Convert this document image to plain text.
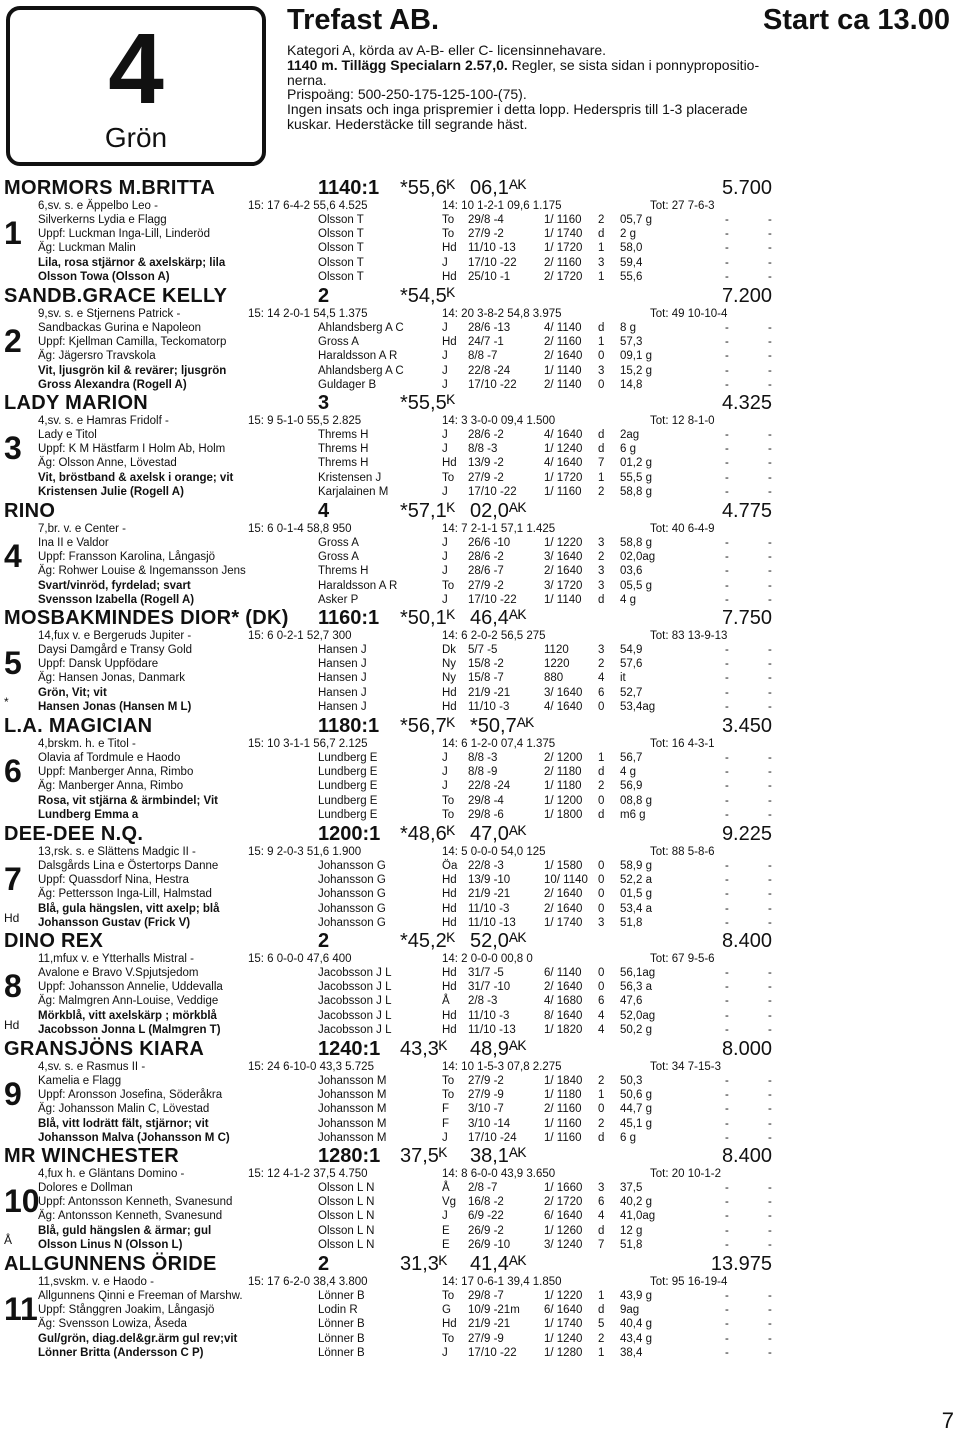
4
Grön
Trefast AB.	Start ca 13.00
Kategori A, körda av A-B- eller C- licensinnehavare.
1140 m. Tillägg Specialarn 2.57,0. Regler, se sista sidan i ponnypropositio-
nerna.
Prispoäng: 500-250-175-125-100-(75).
Ingen insats och inga prispremier i detta lopp. Hederspris till 1-3 placerade
kuskar. Hederstäcke till segrande häst.
MORMORS M.BRITTA	1140:1 *55,6ᴷ 06,1ᴬᴷ	5.700
1
6,sv. s. e Äppelbo Leo -	15: 17 6-4-2 55,6 4.525	14: 10 1-2-1 09,6 1.175	Tot: 27 7-6-3
Silverkerns Lydia e Flagg	Olsson T	To 29/8 -4	1/ 1160 2 05,7 g	-	-
Uppf: Luckman Inga-Lill, Linderöd	Olsson T	To 27/9 -2	1/ 1740 d 2 g	-	-
Äg: Luckman Malin	Olsson T	Hd 11/10 -13 1/ 1720 1 58,0	-	-
Lila, rosa stjärnor & axelskärp; lila	Olsson T	J 17/10 -22 2/ 1160 3 59,4	-	-
Olsson Towa (Olsson A)	Olsson T	Hd 25/10 -1	2/ 1720 1 55,6	-	-
SANDB.GRACE KELLY	2	*54,5ᴷ	7.200
2
9,sv. s. e Stjernens Patrick -	15: 14 2-0-1 54,5 1.375	14: 20 3-8-2 54,8 3.975	Tot: 49 10-10-4
Sandbackas Gurina e Napoleon	Ahlandsberg A C	J 28/6 -13	4/ 1140 d 8 g	-	-
Uppf: Kjellman Camilla, Teckomatorp	Gross A	Hd 24/7 -1	2/ 1160 1 57,3	-	-
Äg: Jägersro Travskola	Haraldsson A R	J 8/8 -7	2/ 1640 0 09,1 g	-	-
Vit, ljusgrön kil & revärer; ljusgrön	Ahlandsberg A C	J 22/8 -24	1/ 1140 3 15,2 g	-	-
Gross Alexandra (Rogell A)	Guldager B	J 17/10 -22 2/ 1140 0 14,8	-	-
LADY MARION	3	*55,5ᴷ	4.325
3
4,sv. s. e Hamras Fridolf -	15: 9 5-1-0 55,5 2.825	14: 3 3-0-0 09,4 1.500	Tot: 12 8-1-0
Lady e Titol	Threms H	J 28/6 -2	4/ 1640 d 2ag	-	-
Uppf: K M Hästfarm I Holm Ab, Holm	Threms H	J 8/8 -3	1/ 1240 d 6 g	-	-
Äg: Olsson Anne, Lövestad	Threms H	Hd 13/9 -2	4/ 1640 7 01,2 g	-	-
Vit, bröstband & axelsk i orange; vit	Kristensen J	To 27/9 -2	1/ 1720 1 55,5 g	-	-
Kristensen Julie (Rogell A)	Karjalainen M	J 17/10 -22 1/ 1160 2 58,8 g	-	-
RINO	4	*57,1ᴷ 02,0ᴬᴷ	4.775
4
7,br. v. e Center -	15: 6 0-1-4 58,8 950	14: 7 2-1-1 57,1 1.425	Tot: 40 6-4-9
Ina II e Valdor	Gross A	J 26/6 -10	1/ 1220 3 58,8 g	-	-
Uppf: Fransson Karolina, Långasjö	Gross A	J 28/6 -2	3/ 1640 2 02,0ag	-	-
Äg: Rohwer Louise & Ingemansson Jens	Threms H	J 28/6 -7	2/ 1640 3 03,6	-	-
Svart/vinröd, fyrdelad; svart	Haraldsson A R	To 27/9 -2	3/ 1720 3 05,5 g	-	-
Svensson Izabella (Rogell A)	Asker P	J 17/10 -22 1/ 1140 d 4 g	-	-
MOSBAKMINDES DIOR* (DK) 1160:1 *50,1ᴷ 46,4ᴬᴷ	7.750
5
*
14,fux v. e Bergeruds Jupiter -	15: 6 0-2-1 52,7 300	14: 6 2-0-2 56,5 275	Tot: 83 13-9-13
Daysi Damgård e Transy Gold	Hansen J	Dk 5/7 -5	1120	3 54,9	-	-
Uppf: Dansk Uppfödare	Hansen J	Ny 15/8 -2	1220 2 57,6	-	-
Äg: Hansen Jonas, Danmark	Hansen J	Ny 15/8 -7	880	4 it	-	-
Grön, Vit; vit	Hansen J	Hd 21/9 -21	3/ 1640 6 52,7	-	-
Hansen Jonas (Hansen M L)	Hansen J	Hd 11/10 -3	4/ 1640 0 53,4ag	-	-
L.A. MAGICIAN	1180:1 *56,7ᴷ *50,7ᴬᴷ	3.450
6
4,brskm. h. e Titol -	15: 10 3-1-1 56,7 2.125	14: 6 1-2-0 07,4 1.375	Tot: 16 4-3-1
Olavia af Tordmule e Haodo	Lundberg E	J 8/8 -3	2/ 1200 1 56,7	-	-
Uppf: Manberger Anna, Rimbo	Lundberg E	J 8/8 -9	2/ 1180 d 4 g	-	-
Äg: Manberger Anna, Rimbo	Lundberg E	J 22/8 -24	1/ 1180 2 56,9	-	-
Rosa, vit stjärna & ärmbindel; Vit	Lundberg E	To 29/8 -4	1/ 1200 0 08,8 g	-	-
Lundberg Emma a	Lundberg E	To 29/8 -6	1/ 1800 d m6 g	-	-
DEE-DEE N.Q.	1200:1 *48,6ᴷ 47,0ᴬᴷ	9.225
7
Hd
13,rsk. s. e Slättens Madgic II -	15: 9 2-0-3 51,6 1.900	14: 5 0-0-0 54,0 125	Tot: 88 5-8-6
Dalsgårds Lina e Östertorps Danne	Johansson G	Öa 22/8 -3	1/ 1580 0 58,9 g	-	-
Uppf: Quassdorf Nina, Hestra	Johansson G	Hd 13/9 -10	10/ 1140 0 52,2 a	-	-
Äg: Pettersson Inga-Lill, Halmstad	Johansson G	Hd 21/9 -21	2/ 1640 0 01,5 g	-	-
Blå, gula hängslen, vitt axelp; blå	Johansson G	Hd 11/10 -3	2/ 1640 0 53,4 a	-	-
Johansson Gustav (Frick V)	Johansson G	Hd 11/10 -13 1/ 1740 3 51,8	-	-
DINO REX	2	*45,2ᴷ 52,0ᴬᴷ	8.400
8
Hd
11,mfux v. e Ytterhalls Mistral -	15: 6 0-0-0 47,6 400	14: 2 0-0-0 00,8 0	Tot: 67 9-5-6
Avalone e Bravo V.Spjutsjedom	Jacobsson J L	Hd 31/7 -5	6/ 1140 0 56,1ag	-	-
Uppf: Johansson Annelie, Uddevalla	Jacobsson J L	Hd 31/7 -10	2/ 1640 0 56,3 a	-	-
Äg: Malmgren Ann-Louise, Veddige	Jacobsson J L	Å 2/8 -3	4/ 1680 6 47,6	-	-
Mörkblå, vitt axelskärp ; mörkblå	Jacobsson J L	Hd 11/10 -3	8/ 1640 4 52,0ag	-	-
Jacobsson Jonna L (Malmgren T)	Jacobsson J L	Hd 11/10 -13 1/ 1820 4 50,2 g	-	-
GRANSJÖNS KIARA	1240:1 43,3ᴷ 48,9ᴬᴷ	8.000
9
4,sv. s. e Rasmus II -	15: 24 6-10-0 43,3 5.725	14: 10 1-5-3 07,8 2.275	Tot: 34 7-15-3
Kamelia e Flagg	Johansson M	To 27/9 -2	1/ 1840 2 50,3	-	-
Uppf: Aronsson Josefina, Söderåkra	Johansson M	To 27/9 -9	1/ 1180 1 50,6 g	-	-
Äg: Johansson Malin C, Lövestad	Johansson M	F 3/10 -7	2/ 1160 0 44,7 g	-	-
Blå, vitt lodrätt fält, stjärnor; vit	Johansson M	F 3/10 -14	1/ 1160 2 45,1 g	-	-
Johansson Malva (Johansson M C)	Johansson M	J 17/10 -24 1/ 1160 d 6 g	-	-
MR WINCHESTER	1280:1 37,5ᴷ 38,1ᴬᴷ	8.400
10
Å
4,fux h. e Gläntans Domino -	15: 12 4-1-2 37,5 4.750	14: 8 6-0-0 43,9 3.650	Tot: 20 10-1-2
Dolores e Dollman	Olsson L N	Å 2/8 -7	1/ 1660 3 37,5	-	-
Uppf: Antonsson Kenneth, Svanesund	Olsson L N	Vg 16/8 -2	2/ 1720 6 40,2 g	-	-
Äg: Antonsson Kenneth, Svanesund	Olsson L N	J 6/9 -22	6/ 1640 4 41,0ag	-	-
Blå, guld hängslen & ärmar; gul	Olsson L N	E 26/9 -2	1/ 1260 d 12 g	-	-
Olsson Linus N (Olsson L)	Olsson L N	E 26/9 -10	3/ 1240 7 51,8	-	-
ALLGUNNENS ÖRIDE	2	31,3ᴷ 41,4ᴬᴷ	13.975
11
11,svskm. v. e Haodo -	15: 17 6-2-0 38,4 3.800	14: 17 0-6-1 39,4 1.850	Tot: 95 16-19-4
Allgunnens Qinni e Freeman of Marshw.	Lönner B	To 29/8 -7	1/ 1220 1 43,9 g	-	-
Uppf: Stånggren Joakim, Långasjö	Lodin R	G 10/9 -21m 6/ 1640 d 9ag	-	-
Äg: Svensson Lowiza, Åseda	Lönner B	Hd 21/9 -21	1/ 1740 5 40,4 g	-	-
Gul/grön, diag.del&gr.ärm gul rev;vit	Lönner B	To 27/9 -9	1/ 1240 2 43,4 g	-	-
Lönner Britta (Andersson C P)	Lönner B	J 17/10 -22 1/ 1280 1 38,4	-	-
7
